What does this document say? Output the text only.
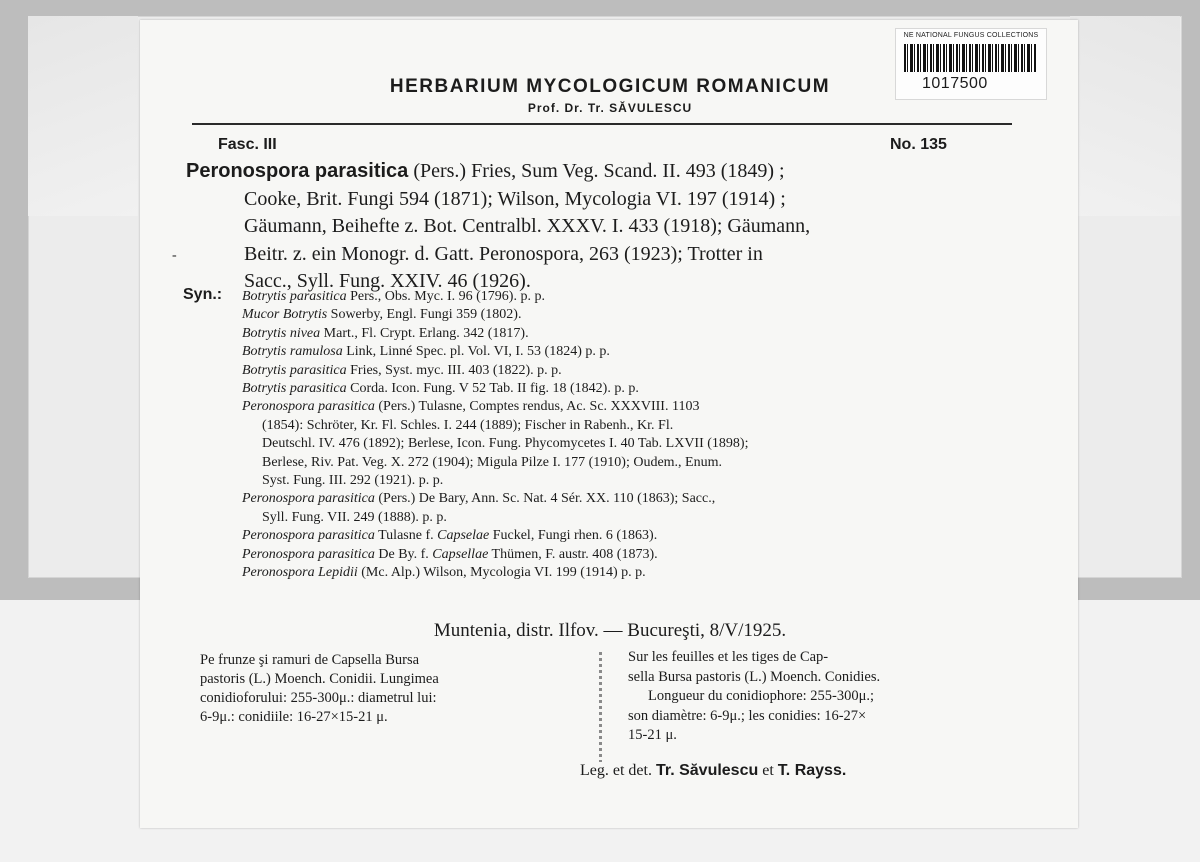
NE NATIONAL FUNGUS COLLECTIONS
1017500
HERBARIUM MYCOLOGICUM ROMANICUM
Prof. Dr. Tr. SĂVULESCU
Fasc. III	No. 135
-
Peronospora parasitica (Pers.) Fries, Sum Veg. Scand. II. 493 (1849) ;
Cooke, Brit. Fungi 594 (1871); Wilson, Mycologia VI. 197 (1914) ;
Gäumann, Beihefte z. Bot. Centralbl. XXXV. I. 433 (1918); Gäumann,
Beitr. z. ein Monogr. d. Gatt. Peronospora, 263 (1923); Trotter in
Sacc., Syll. Fung. XXIV. 46 (1926).
Syn.: Botrytis parasitica Pers., Obs. Myc. I. 96 (1796). p. p.
Mucor Botrytis Sowerby, Engl. Fungi 359 (1802).
Botrytis nivea Mart., Fl. Crypt. Erlang. 342 (1817).
Botrytis ramulosa Link, Linné Spec. pl. Vol. VI, I. 53 (1824) p. p.
Botrytis parasitica Fries, Syst. myc. III. 403 (1822). p. p.
Botrytis parasitica Corda. Icon. Fung. V 52 Tab. II fig. 18 (1842). p. p.
Peronospora parasitica (Pers.) Tulasne, Comptes rendus, Ac. Sc. XXXVIII. 1103
(1854): Schröter, Kr. Fl. Schles. I. 244 (1889); Fischer in Rabenh., Kr. Fl.
Deutschl. IV. 476 (1892); Berlese, Icon. Fung. Phycomycetes I. 40 Tab. LXVII (1898);
Berlese, Riv. Pat. Veg. X. 272 (1904); Migula Pilze I. 177 (1910); Oudem., Enum.
Syst. Fung. III. 292 (1921). p. p.
Peronospora parasitica (Pers.) De Bary, Ann. Sc. Nat. 4 Sér. XX. 110 (1863); Sacc.,
Syll. Fung. VII. 249 (1888). p. p.
Peronospora parasitica Tulasne f. Capselae Fuckel, Fungi rhen. 6 (1863).
Peronospora parasitica De By. f. Capsellae Thümen, F. austr. 408 (1873).
Peronospora Lepidii (Mc. Alp.) Wilson, Mycologia VI. 199 (1914) p. p.
Muntenia, distr. Ilfov. — Bucureşti, 8/V/1925.
Pe frunze şi ramuri de Capsella Bursa
pastoris (L.) Moench. Conidii. Lungimea
conidioforului: 255-300μ.: diametrul lui:
6-9μ.: conidiile: 16-27×15-21 μ.
Sur les feuilles et les tiges de Cap-
sella Bursa pastoris (L.) Moench. Conidies.
Longueur du conidiophore: 255-300μ.;
son diamètre: 6-9μ.; les conidies: 16-27×
15-21 μ.
Leg. et det. Tr. Săvulescu et T. Rayss.
